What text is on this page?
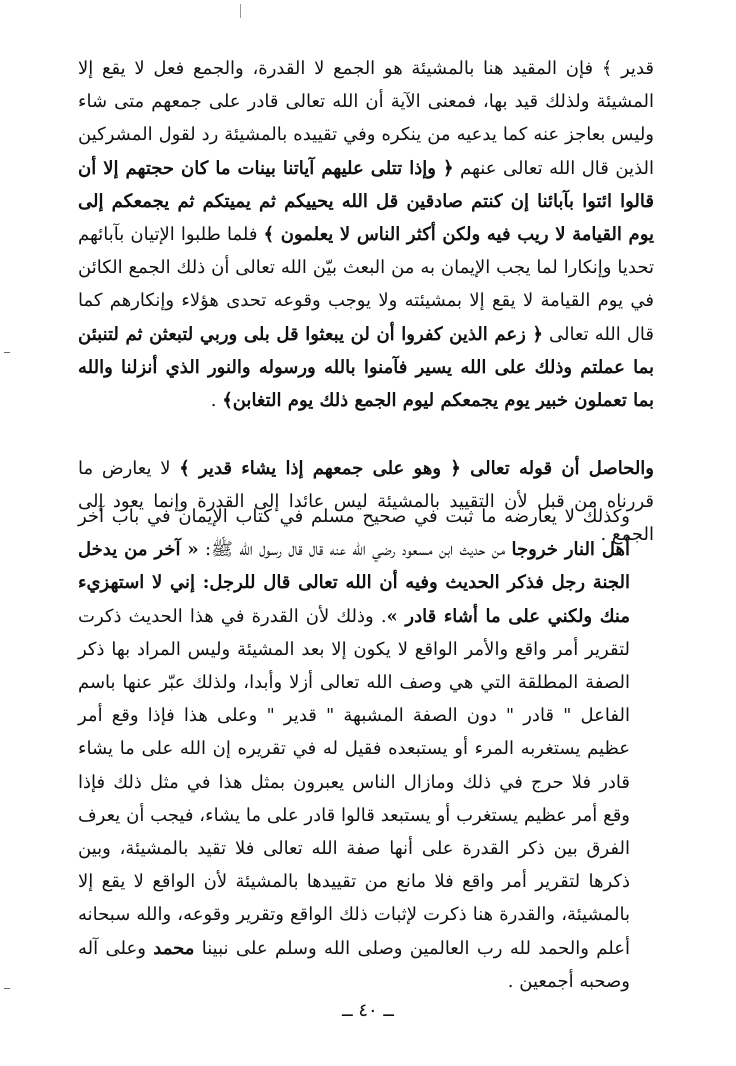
قدير ﴾ فإن المقيد هنا بالمشيئة هو الجمع لا القدرة، والجمع فعل لا يقع إلا المشيئة ولذلك قيد بها، فمعنى الآية أن الله تعالى قادر على جمعهم متى شاء وليس بعاجز عنه كما يدعيه من ينكره وفي تقييده بالمشيئة رد لقول المشركين الذين قال الله تعالى عنهم ﴿ وإذا تتلى عليهم آياتنا بينات ما كان حجتهم إلا أن قالوا ائتوا بآبائنا إن كنتم صادقين قل الله يحييكم ثم يميتكم ثم يجمعكم إلى يوم القيامة لا ريب فيه ولكن أكثر الناس لا يعلمون ﴾ فلما طلبوا الإتيان بآبائهم تحديا وإنكارا لما يجب الإيمان به من البعث بيّن الله تعالى أن ذلك الجمع الكائن في يوم القيامة لا يقع إلا بمشيئته ولا يوجب وقوعه تحدى هؤلاء وإنكارهم كما قال الله تعالى ﴿ زعم الذين كفروا أن لن يبعثوا قل بلى وربي لتبعثن ثم لتنبئن بما عملتم وذلك على الله يسير فآمنوا بالله ورسوله والنور الذي أنزلنا والله بما تعملون خبير يوم يجمعكم ليوم الجمع ذلك يوم التغابن﴾ .

والحاصل أن قوله تعالى ﴿ وهو على جمعهم إذا يشاء قدير ﴾ لا يعارض ما قررناه من قبل لأن التقييد بالمشيئة ليس عائدا إلى القدرة وإنما يعود إلى الجمع .

وكذلك لا يعارضه ما ثبت في صحيح مسلم في كتاب الإيمان في باب آخر أهل النار خروجا من حديث ابن مسعود رضي الله عنه قال قال رسول الله ﷺ: « آخر من يدخل الجنة رجل فذكر الحديث وفيه أن الله تعالى قال للرجل: إني لا استهزيء منك ولكني على ما أشاء قادر ». وذلك لأن القدرة في هذا الحديث ذكرت لتقرير أمر واقع والأمر الواقع لا يكون إلا بعد المشيئة وليس المراد بها ذكر الصفة المطلقة التي هي وصف الله تعالى أزلا وأبدا، ولذلك عبّر عنها باسم الفاعل " قادر " دون الصفة المشبهة " قدير " وعلى هذا فإذا وقع أمر عظيم يستغربه المرء أو يستبعده فقيل له في تقريره إن الله على ما يشاء قادر فلا حرج في ذلك ومازال الناس يعبرون بمثل هذا في مثل ذلك فإذا وقع أمر عظيم يستغرب أو يستبعد قالوا قادر على ما يشاء، فيجب أن يعرف الفرق بين ذكر القدرة على أنها صفة الله تعالى فلا تقيد بالمشيئة، وبين ذكرها لتقرير أمر واقع فلا مانع من تقييدها بالمشيئة لأن الواقع لا يقع إلا بالمشيئة، والقدرة هنا ذكرت لإثبات ذلك الواقع وتقرير وقوعه، والله سبحانه أعلم والحمد لله رب العالمين وصلى الله وسلم على نبينا محمد وعلى آله وصحبه أجمعين .

ــ ٤٠ ــ
